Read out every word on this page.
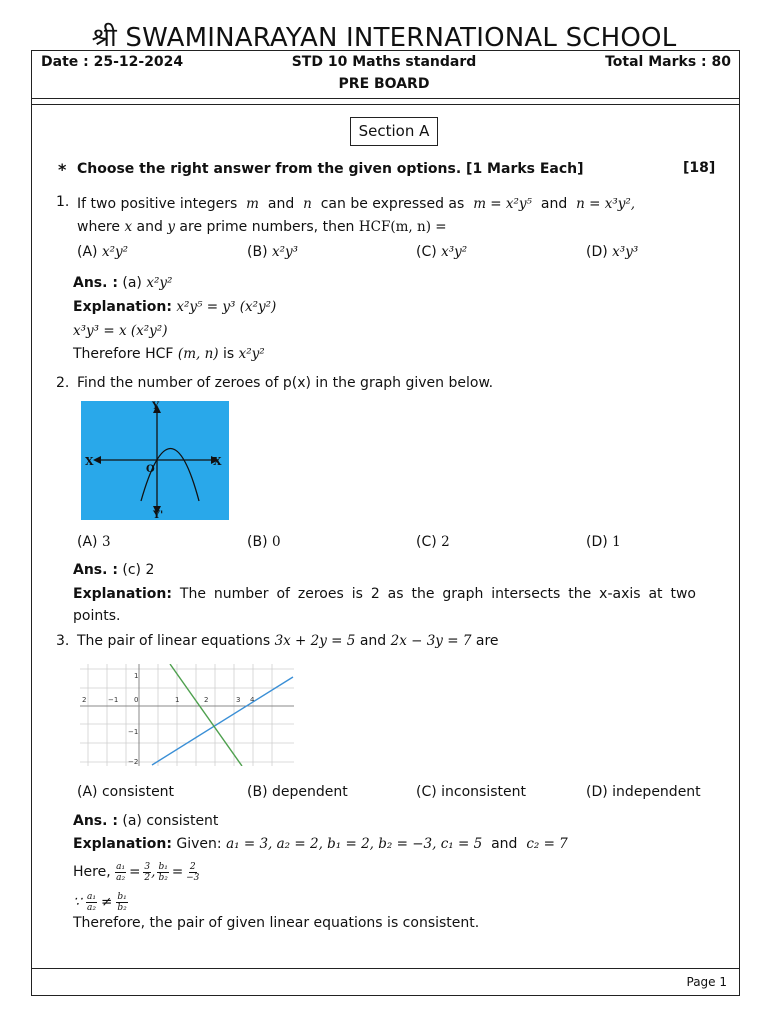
श्री SWAMINARAYAN INTERNATIONAL SCHOOL
Date : 25-12-2024	STD 10 Maths standard	Total Marks : 80
PRE BOARD
Section A
* Choose the right answer from the given options. [1 Marks Each]	[18]
1. If two positive integers m and n can be expressed as m = x²y⁵ and n = x³y²,
where x and y are prime numbers, then HCF(m, n) =
(A) x²y²	(B) x²y³	(C) x³y²	(D) x³y³
Ans. : (a) x²y²
Explanation: x²y⁵ = y³ (x²y²)
x³y³ = x (x²y²)
Therefore HCF (m, n) is x²y²
2. Find the number of zeroes of p(x) in the graph given below.
X	X
Y
Y'
O
(A) 3	(B) 0	(C) 2	(D) 1
Ans. : (c) 2
Explanation: The number of zeroes is 2 as the graph intersects the x-axis at two points.
3. The pair of linear equations 3x + 2y = 5 and 2x − 3y = 7 are
2	−1 0	1	2	3 4
1
−1
−2
(A) consistent	(B) dependent	(C) inconsistent	(D) independent
Ans. : (a) consistent
Explanation: Given: a₁ = 3, a₂ = 2, b₁ = 2, b₂ = −3, c₁ = 5 and c₂ = 7
Here,
$\frac{\text{a₁}}{\text{a₂}} = \frac{3}{2}$ , $\frac{\text{b₁}}{\text{b₂}} = \frac{2}{-3}$
∵
a₁
a₂ ≠ b₁
b₂
Therefore, the pair of given linear equations is consistent.
Page 1
